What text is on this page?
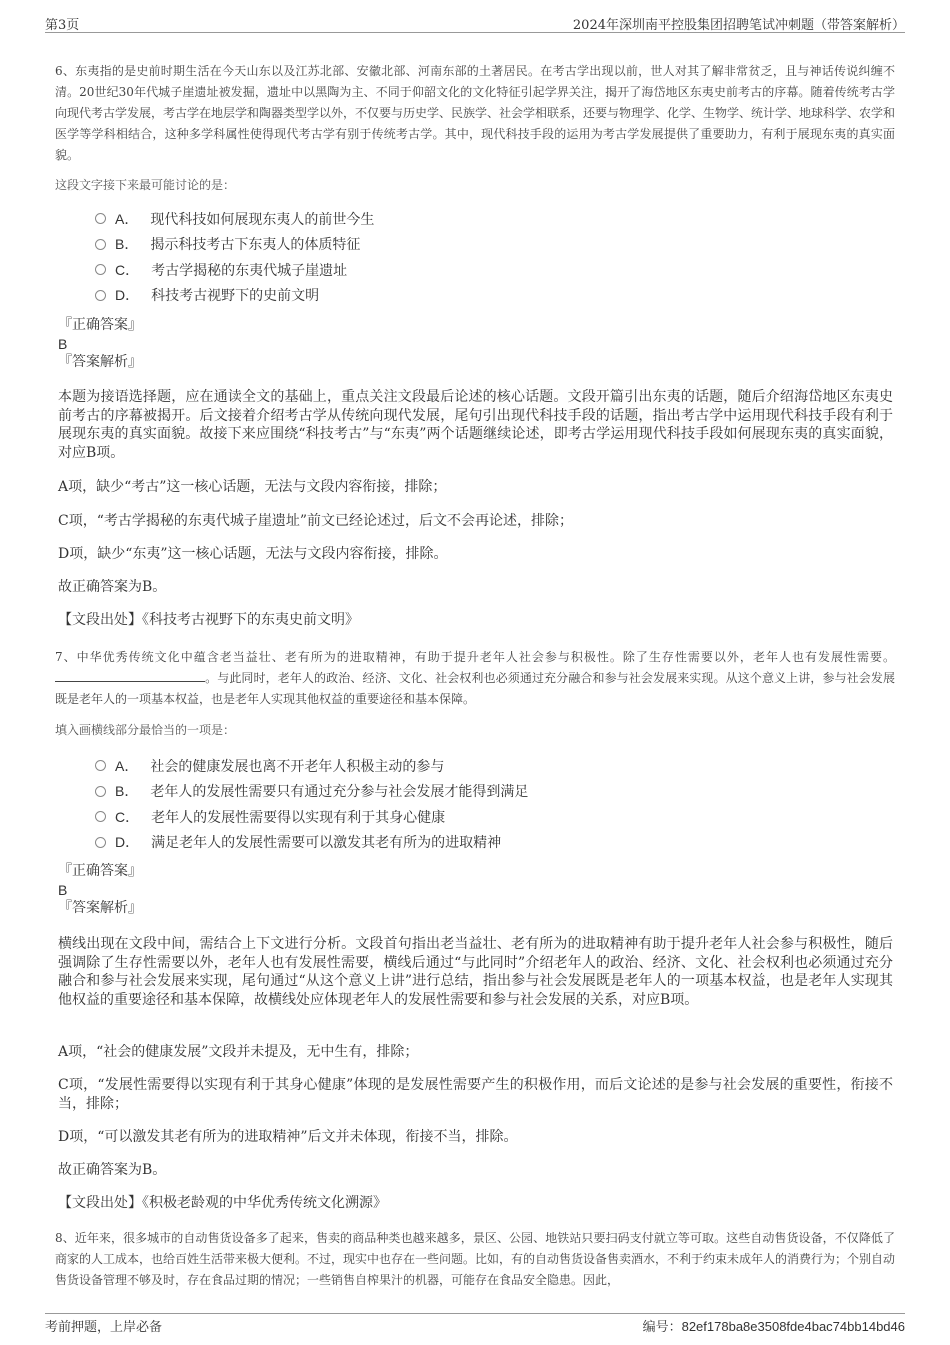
第3页	2024年深圳南平控股集团招聘笔试冲刺题（带答案解析）
6、东夷指的是史前时期生活在今天山东以及江苏北部、安徽北部、河南东部的土著居民。在考古学出现以前，世人对其了解非常贫乏，且与神话传说纠缠不清。20世纪30年代城子崖遗址被发掘，遗址中以黑陶为主、不同于仰韶文化的文化特征引起学界关注，揭开了海岱地区东夷史前考古的序幕。随着传统考古学向现代考古学发展，考古学在地层学和陶器类型学以外，不仅要与历史学、民族学、社会学相联系，还要与物理学、化学、生物学、统计学、地球科学、农学和医学等学科相结合，这种多学科属性使得现代考古学有别于传统考古学。其中，现代科技手段的运用为考古学发展提供了重要助力，有利于展现东夷的真实面貌。
这段文字接下来最可能讨论的是：
A． 现代科技如何展现东夷人的前世今生
B． 揭示科技考古下东夷人的体质特征
C． 考古学揭秘的东夷代城子崖遗址
D． 科技考古视野下的史前文明
『正确答案』
B
『答案解析』

本题为接语选择题，应在通读全文的基础上，重点关注文段最后论述的核心话题。文段开篇引出东夷的话题，随后介绍海岱地区东夷史前考古的序幕被揭开。后文接着介绍考古学从传统向现代发展，尾句引出现代科技手段的话题，指出考古学中运用现代科技手段有利于展现东夷的真实面貌。故接下来应围绕“科技考古”与“东夷”两个话题继续论述，即考古学运用现代科技手段如何展现东夷的真实面貌，对应B项。

A项，缺少“考古”这一核心话题，无法与文段内容衔接，排除；

C项，“考古学揭秘的东夷代城子崖遗址”前文已经论述过，后文不会再论述，排除；

D项，缺少“东夷”这一核心话题，无法与文段内容衔接，排除。

故正确答案为B。

【文段出处】《科技考古视野下的东夷史前文明》

7、中华优秀传统文化中蕴含老当益壮、老有所为的进取精神，有助于提升老年人社会参与积极性。除了生存性需要以外，老年人也有发展性需要。。与此同时，老年人的政治、经济、文化、社会权利也必须通过充分融合和参与社会发展来实现。从这个意义上讲，参与社会发展既是老年人的一项基本权益，也是老年人实现其他权益的重要途径和基本保障。
填入画横线部分最恰当的一项是：
A． 社会的健康发展也离不开老年人积极主动的参与
B． 老年人的发展性需要只有通过充分参与社会发展才能得到满足
C． 老年人的发展性需要得以实现有利于其身心健康
D． 满足老年人的发展性需要可以激发其老有所为的进取精神
『正确答案』
B
『答案解析』

横线出现在文段中间，需结合上下文进行分析。文段首句指出老当益壮、老有所为的进取精神有助于提升老年人社会参与积极性，随后强调除了生存性需要以外，老年人也有发展性需要，横线后通过“与此同时”介绍老年人的政治、经济、文化、社会权利也必须通过充分融合和参与社会发展来实现，尾句通过“从这个意义上讲”进行总结，指出参与社会发展既是老年人的一项基本权益，也是老年人实现其他权益的重要途径和基本保障，故横线处应体现老年人的发展性需要和参与社会发展的关系，对应B项。

A项，“社会的健康发展”文段并未提及，无中生有，排除；

C项，“发展性需要得以实现有利于其身心健康”体现的是发展性需要产生的积极作用，而后文论述的是参与社会发展的重要性，衔接不当，排除；

D项，“可以激发其老有所为的进取精神”后文并未体现，衔接不当，排除。

故正确答案为B。

【文段出处】《积极老龄观的中华优秀传统文化溯源》

8、近年来，很多城市的自动售货设备多了起来，售卖的商品种类也越来越多，景区、公园、地铁站只要扫码支付就立等可取。这些自动售货设备，不仅降低了商家的人工成本，也给百姓生活带来极大便利。不过，现实中也存在一些问题。比如，有的自动售货设备售卖酒水，不利于约束未成年人的消费行为；个别自动售货设备管理不够及时，存在食品过期的情况；一些销售自榨果汁的机器，可能存在食品安全隐患。因此，
考前押题，上岸必备	编号：82ef178ba8e3508fde4bac74bb14bd46
